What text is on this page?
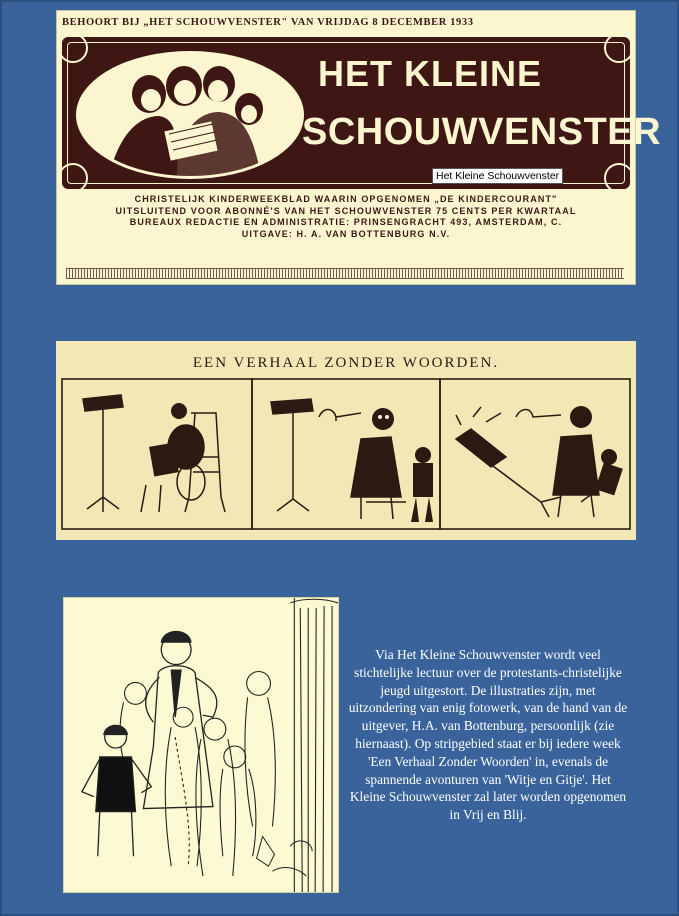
BEHOORT BIJ „HET SCHOUWVENSTER" VAN VRIJDAG 8 DECEMBER 1933
HET KLEINE
SCHOUWVENSTER
Het Kleine Schouwvenster
CHRISTELIJK KINDERWEEKBLAD WAARIN OPGENOMEN „DE KINDERCOURANT"
UITSLUITEND VOOR ABONNÉ'S VAN HET SCHOUWVENSTER 75 CENTS PER KWARTAAL
BUREAUX REDACTIE EN ADMINISTRATIE: PRINSENGRACHT 493, AMSTERDAM, C.
UITGAVE: H. A. VAN BOTTENBURG N.V.
EEN VERHAAL ZONDER WOORDEN.
Via Het Kleine Schouwvenster wordt veel stichtelijke lectuur over de protestants-christelijke jeugd uitgestort. De illustraties zijn, met uitzondering van enig fotowerk, van de hand van de uitgever, H.A. van Bottenburg, persoonlijk (zie hiernaast). Op stripgebied staat er bij iedere week 'Een Verhaal Zonder Woorden' in, evenals de spannende avonturen van 'Witje en Gitje'. Het Kleine Schouwvenster zal later worden opgenomen in Vrij en Blij.
